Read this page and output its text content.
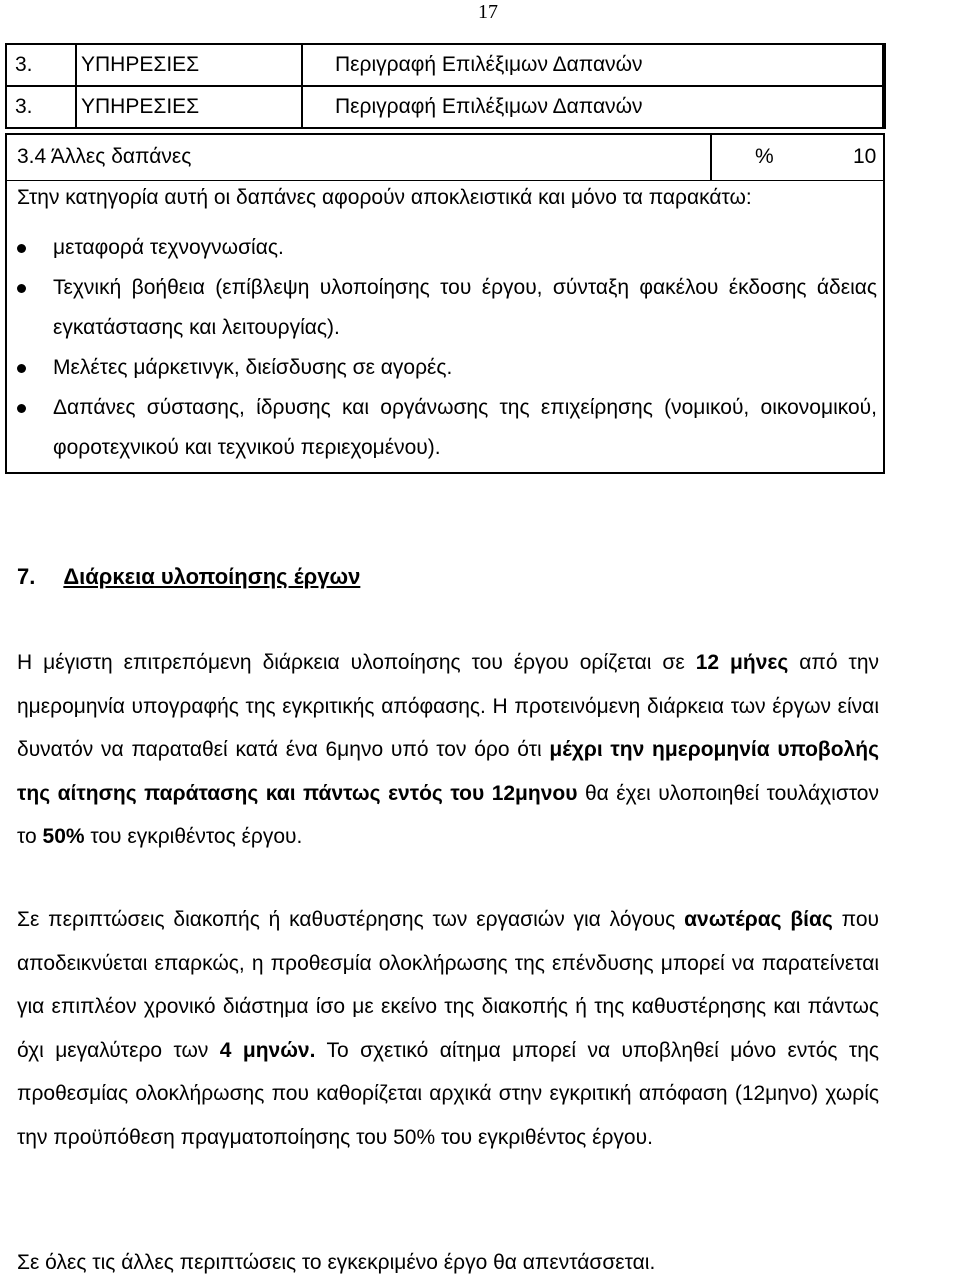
17
3.	ΥΠΗΡΕΣΙΕΣ	Περιγραφή Επιλέξιμων Δαπανών
3.	ΥΠΗΡΕΣΙΕΣ	Περιγραφή Επιλέξιμων Δαπανών
3.4 Άλλες δαπάνες	%	10
Στην κατηγορία αυτή οι δαπάνες αφορούν αποκλειστικά και μόνο τα παρακάτω:
μεταφορά τεχνογνωσίας.
Τεχνική βοήθεια (επίβλεψη υλοποίησης του έργου, σύνταξη φακέλου έκδοσης άδειας εγκατάστασης και λειτουργίας).
Μελέτες μάρκετινγκ, διείσδυσης σε αγορές.
Δαπάνες σύστασης, ίδρυσης και οργάνωσης της επιχείρησης (νομικού, οικονομικού, φοροτεχνικού και τεχνικού περιεχομένου).
7. Διάρκεια υλοποίησης έργων

Η μέγιστη επιτρεπόμενη διάρκεια υλοποίησης του έργου ορίζεται σε 12 μήνες από την ημερομηνία υπογραφής της εγκριτικής απόφασης. Η προτεινόμενη διάρκεια των έργων είναι δυνατόν να παραταθεί κατά ένα 6μηνο υπό τον όρο ότι μέχρι την ημερομηνία υποβολής της αίτησης παράτασης και πάντως εντός του 12μηνου θα έχει υλοποιηθεί τουλάχιστον το 50% του εγκριθέντος έργου.

Σε περιπτώσεις διακοπής ή καθυστέρησης των εργασιών για λόγους ανωτέρας βίας που αποδεικνύεται επαρκώς, η προθεσμία ολοκλήρωσης της επένδυσης μπορεί να παρατείνεται για επιπλέον χρονικό διάστημα ίσο με εκείνο της διακοπής ή της καθυστέρησης και πάντως όχι μεγαλύτερο των 4 μηνών. Το σχετικό αίτημα μπορεί να υποβληθεί μόνο εντός της προθεσμίας ολοκλήρωσης που καθορίζεται αρχικά στην εγκριτική απόφαση (12μηνο) χωρίς την προϋπόθεση πραγματοποίησης του 50% του εγκριθέντος έργου.

Σε όλες τις άλλες περιπτώσεις το εγκεκριμένο έργο θα απεντάσσεται.
